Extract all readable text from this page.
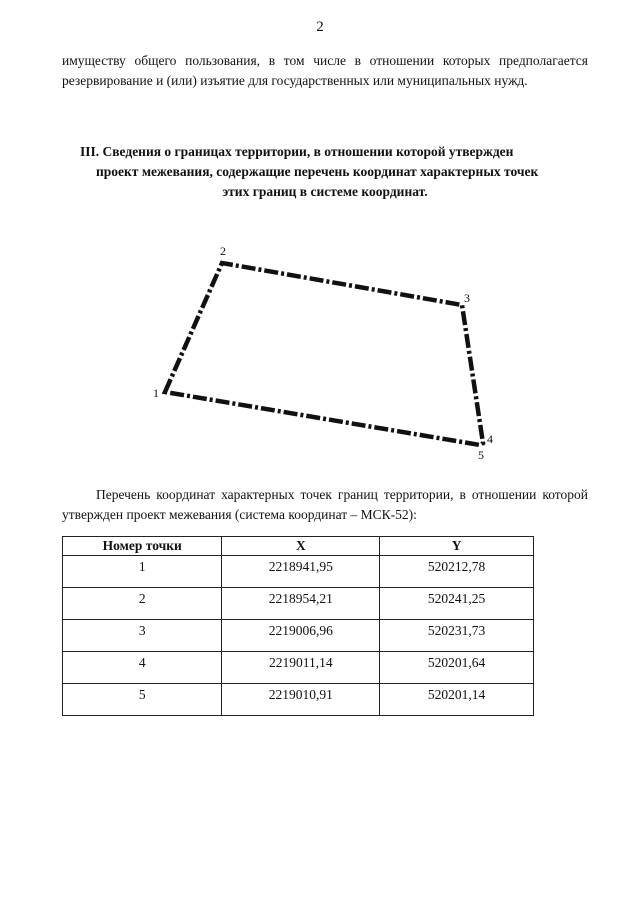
2

имуществу общего пользования, в том числе в отношении которых предполагается резервирование и (или) изъятие для государственных или муниципальных нужд.

III. Сведения о границах территории, в отношении которой утвержден
проект межевания, содержащие перечень координат характерных точек
этих границ в системе координат.
1
2
3
4
5

Перечень координат характерных точек границ территории, в отношении которой утвержден проект межевания (система координат – МСК-52):

Номер точки	X	Y
1	2218941,95	520212,78
2	2218954,21	520241,25
3	2219006,96	520231,73
4	2219011,14	520201,64
5	2219010,91	520201,14
